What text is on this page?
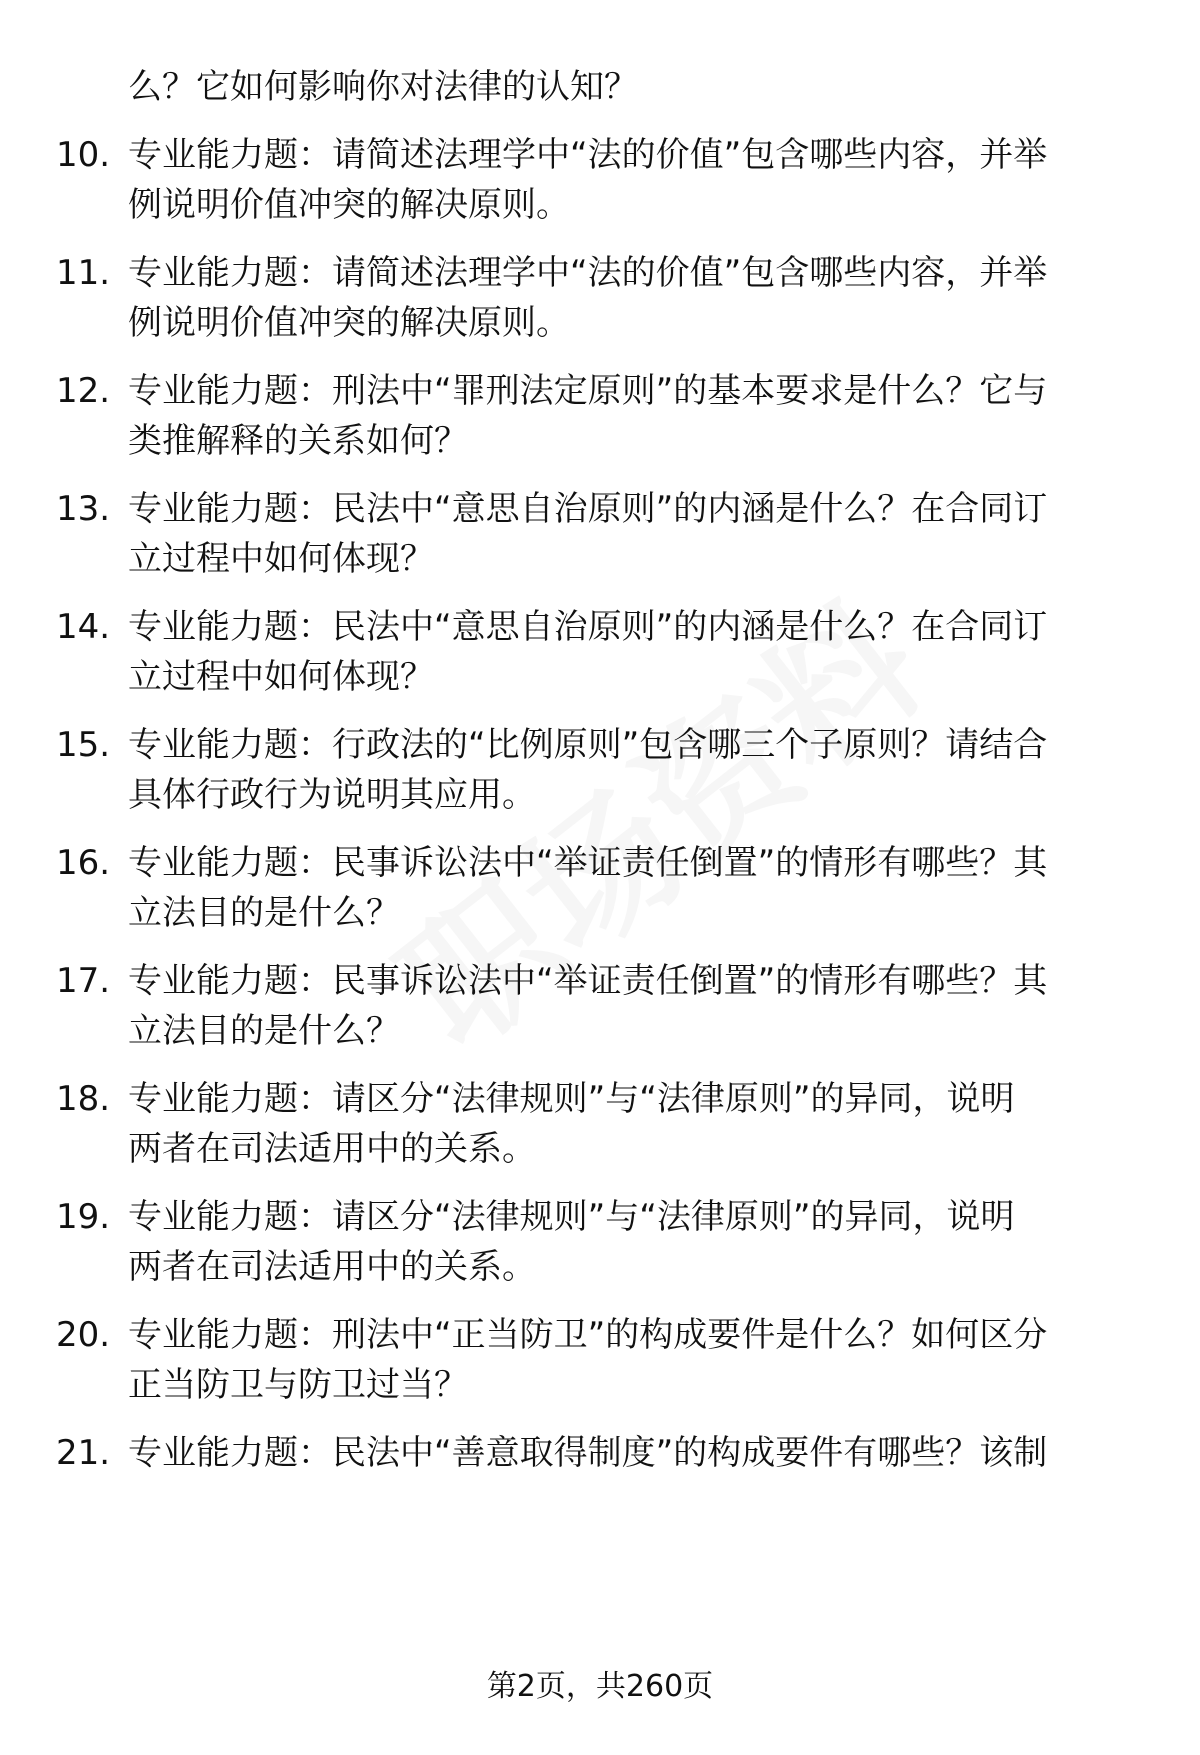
么？它如何影响你对法律的认知？
10. 专业能力题：请简述法理学中“法的价值”包含哪些内容，并举
例说明价值冲突的解决原则。
11. 专业能力题：请简述法理学中“法的价值”包含哪些内容，并举
例说明价值冲突的解决原则。
12. 专业能力题：刑法中“罪刑法定原则”的基本要求是什么？它与
类推解释的关系如何？
13. 专业能力题：民法中“意思自治原则”的内涵是什么？在合同订
立过程中如何体现？
14. 专业能力题：民法中“意思自治原则”的内涵是什么？在合同订
立过程中如何体现？
15. 专业能力题：行政法的“比例原则”包含哪三个子原则？请结合
具体行政行为说明其应用。
16. 专业能力题：民事诉讼法中“举证责任倒置”的情形有哪些？其
立法目的是什么？
17. 专业能力题：民事诉讼法中“举证责任倒置”的情形有哪些？其
立法目的是什么？
18. 专业能力题：请区分“法律规则”与“法律原则”的异同，说明
两者在司法适用中的关系。
19. 专业能力题：请区分“法律规则”与“法律原则”的异同，说明
两者在司法适用中的关系。
20. 专业能力题：刑法中“正当防卫”的构成要件是什么？如何区分
正当防卫与防卫过当？
21. 专业能力题：民法中“善意取得制度”的构成要件有哪些？该制
第2页，共260页
